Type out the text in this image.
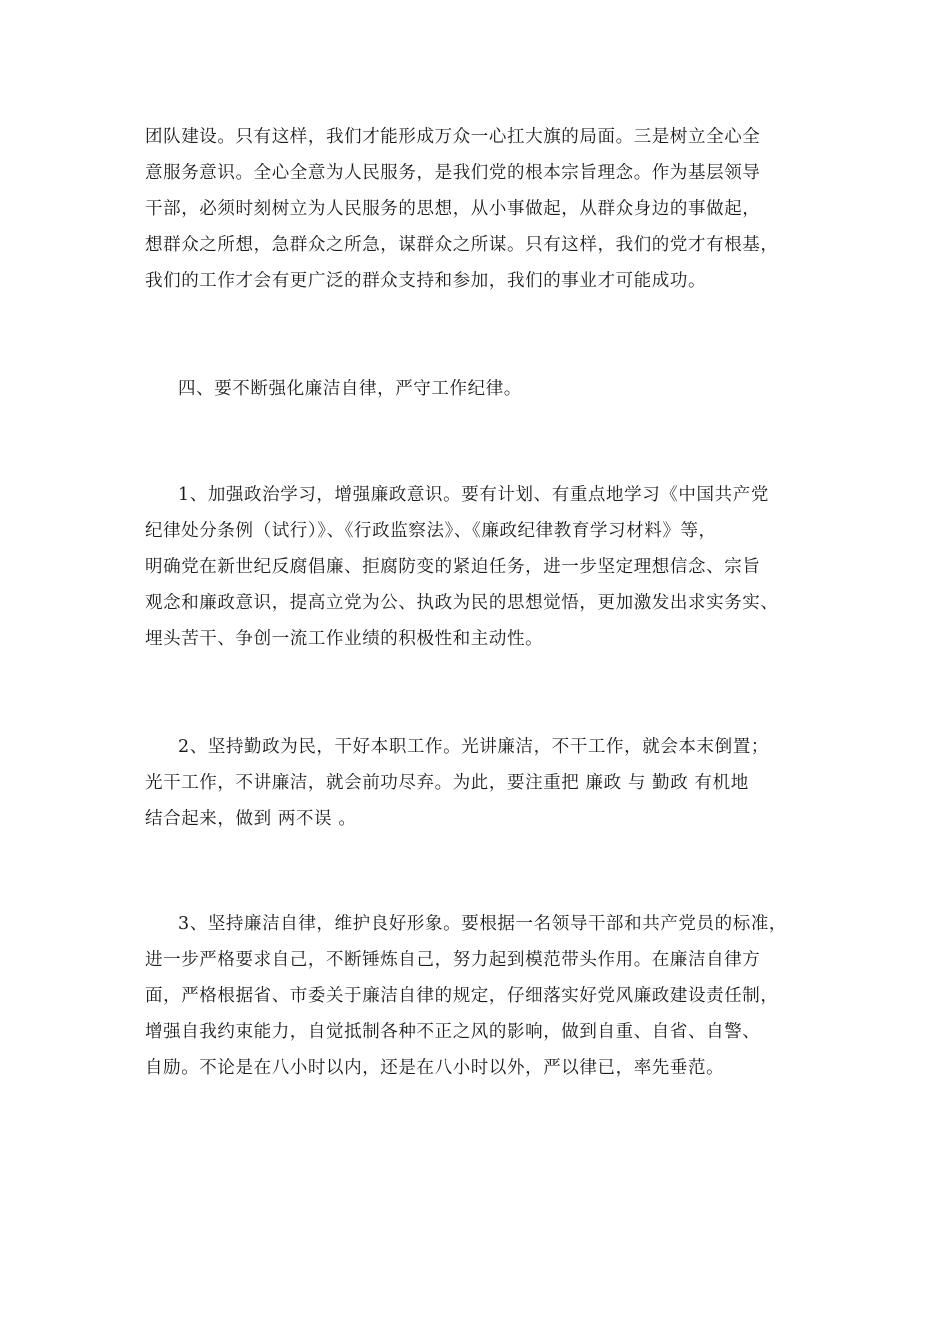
团队建设。只有这样，我们才能形成万众一心扛大旗的局面。三是树立全心全
意服务意识。全心全意为人民服务，是我们党的根本宗旨理念。作为基层领导
干部，必须时刻树立为人民服务的思想，从小事做起，从群众身边的事做起，
想群众之所想，急群众之所急，谋群众之所谋。只有这样，我们的党才有根基，
我们的工作才会有更广泛的群众支持和参加，我们的事业才可能成功。
四、要不断强化廉洁自律，严守工作纪律。
1、加强政治学习，增强廉政意识。要有计划、有重点地学习《中国共产党
纪律处分条例（试行）》、《行政监察法》、《廉政纪律教育学习材料》等，
明确党在新世纪反腐倡廉、拒腐防变的紧迫任务，进一步坚定理想信念、宗旨
观念和廉政意识，提高立党为公、执政为民的思想觉悟，更加激发出求实务实、
埋头苦干、争创一流工作业绩的积极性和主动性。
2、坚持勤政为民，干好本职工作。光讲廉洁，不干工作，就会本末倒置；
光干工作，不讲廉洁，就会前功尽弃。为此，要注重把 廉政 与 勤政 有机地
结合起来，做到 两不误 。
3、坚持廉洁自律，维护良好形象。要根据一名领导干部和共产党员的标准，
进一步严格要求自己，不断锤炼自己，努力起到模范带头作用。在廉洁自律方
面，严格根据省、市委关于廉洁自律的规定，仔细落实好党风廉政建设责任制，
增强自我约束能力，自觉抵制各种不正之风的影响，做到自重、自省、自警、
自励。不论是在八小时以内，还是在八小时以外，严以律已，率先垂范。
